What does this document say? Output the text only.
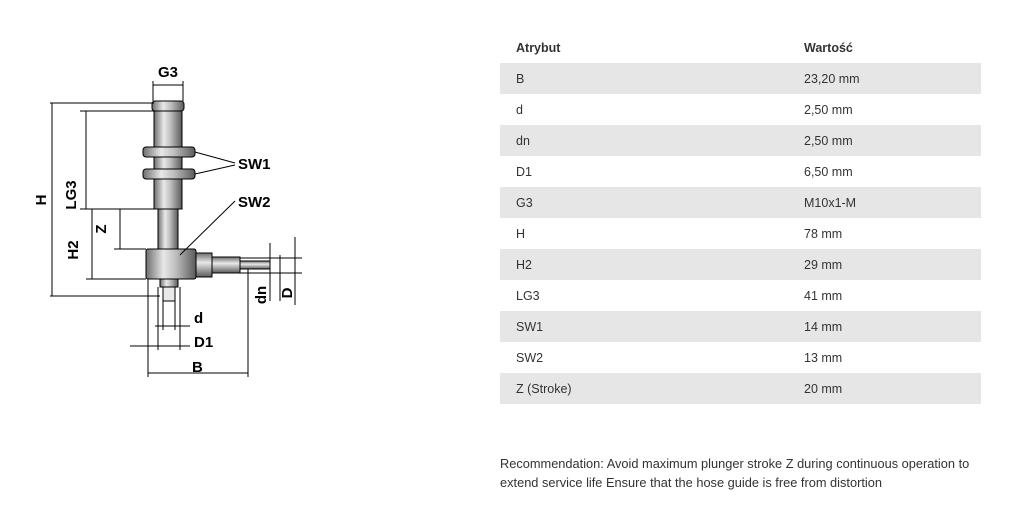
G3
LG3
H
H2
Z
SW1
SW2
dn D
d
D1
B
Atrybut	Wartość
B	23,20 mm
d	2,50 mm
dn	2,50 mm
D1	6,50 mm
G3	M10x1-M
H	78 mm
H2	29 mm
LG3	41 mm
SW1	14 mm
SW2	13 mm
Z (Stroke)	20 mm

Recommendation: Avoid maximum plunger stroke Z during continuous operation to extend service life Ensure that the hose guide is free from distortion
